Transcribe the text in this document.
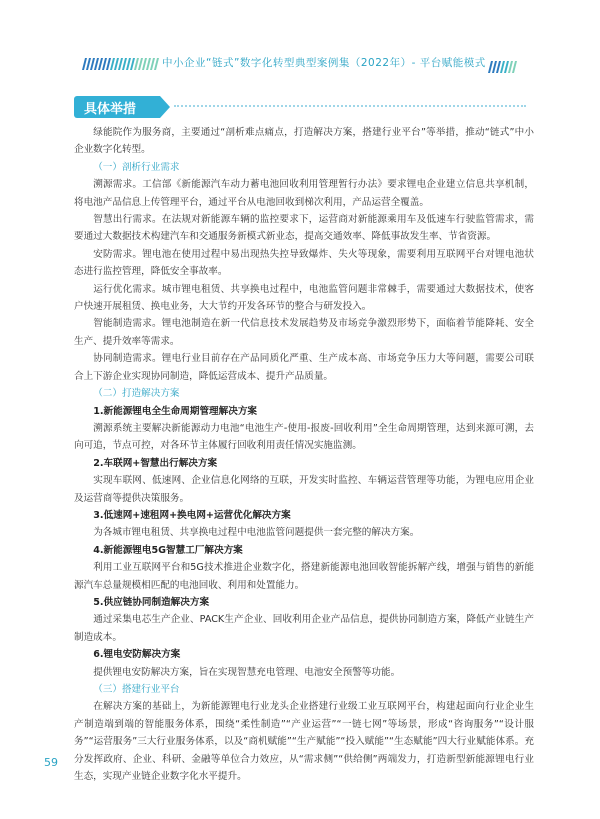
中小企业“链式”数字化转型典型案例集（2022年）- 平台赋能模式
具体举措

绿能院作为服务商，主要通过“剖析难点痛点，打造解决方案，搭建行业平台”等举措，推动“链式”中小企业数字化转型。

（一）剖析行业需求

溯源需求。工信部《新能源汽车动力蓄电池回收利用管理暂行办法》要求锂电企业建立信息共享机制，将电池产品信息上传管理平台，通过平台从电池回收到梯次利用，产品运营全覆盖。

智慧出行需求。在法规对新能源车辆的监控要求下，运营商对新能源乘用车及低速车行驶监管需求，需要通过大数据技术构建汽车和交通服务新模式新业态，提高交通效率、降低事故发生率、节省资源。

安防需求。锂电池在使用过程中易出现热失控导致爆炸、失火等现象，需要利用互联网平台对锂电池状态进行监控管理，降低安全事故率。

运行优化需求。城市锂电租赁、共享换电过程中，电池监管问题非常棘手，需要通过大数据技术，使客户快速开展租赁、换电业务，大大节约开发各环节的整合与研发投入。

智能制造需求。锂电池制造在新一代信息技术发展趋势及市场竞争激烈形势下，面临着节能降耗、安全生产、提升效率等需求。

协同制造需求。锂电行业目前存在产品同质化严重、生产成本高、市场竞争压力大等问题，需要公司联合上下游企业实现协同制造，降低运营成本、提升产品质量。

（二）打造解决方案
1.新能源锂电全生命周期管理解决方案

溯源系统主要解决新能源动力电池“电池生产-使用-报废-回收利用”全生命周期管理，达到来源可溯，去向可追，节点可控，对各环节主体履行回收利用责任情况实施监测。

2.车联网+智慧出行解决方案

实现车联网、低速网、企业信息化网络的互联，开发实时监控、车辆运营管理等功能，为锂电应用企业及运营商等提供决策服务。

3.低速网+速租网+换电网+运营优化解决方案

为各城市锂电租赁、共享换电过程中电池监管问题提供一套完整的解决方案。

4.新能源锂电5G智慧工厂解决方案

利用工业互联网平台和5G技术推进企业数字化，搭建新能源电池回收智能拆解产线，增强与销售的新能源汽车总量规模相匹配的电池回收、利用和处置能力。

5.供应链协同制造解决方案

通过采集电芯生产企业、PACK生产企业、回收利用企业产品信息，提供协同制造方案，降低产业链生产制造成本。

6.锂电安防解决方案

提供锂电安防解决方案，旨在实现智慧充电管理、电池安全预警等功能。

（三）搭建行业平台

在解决方案的基础上，为新能源锂电行业龙头企业搭建行业级工业互联网平台，构建起面向行业企业生产制造端到端的智能服务体系，围绕“柔性制造”“产业运营”“一链七网”等场景，形成“咨询服务”“设计服务”“运营服务”三大行业服务体系，以及“商机赋能”“生产赋能”“投入赋能”“生态赋能”四大行业赋能体系。充分发挥政府、企业、科研、金融等单位合力效应，从“需求侧”“供给侧”两端发力，打造新型新能源锂电行业生态，实现产业链企业数字化水平提升。

59
